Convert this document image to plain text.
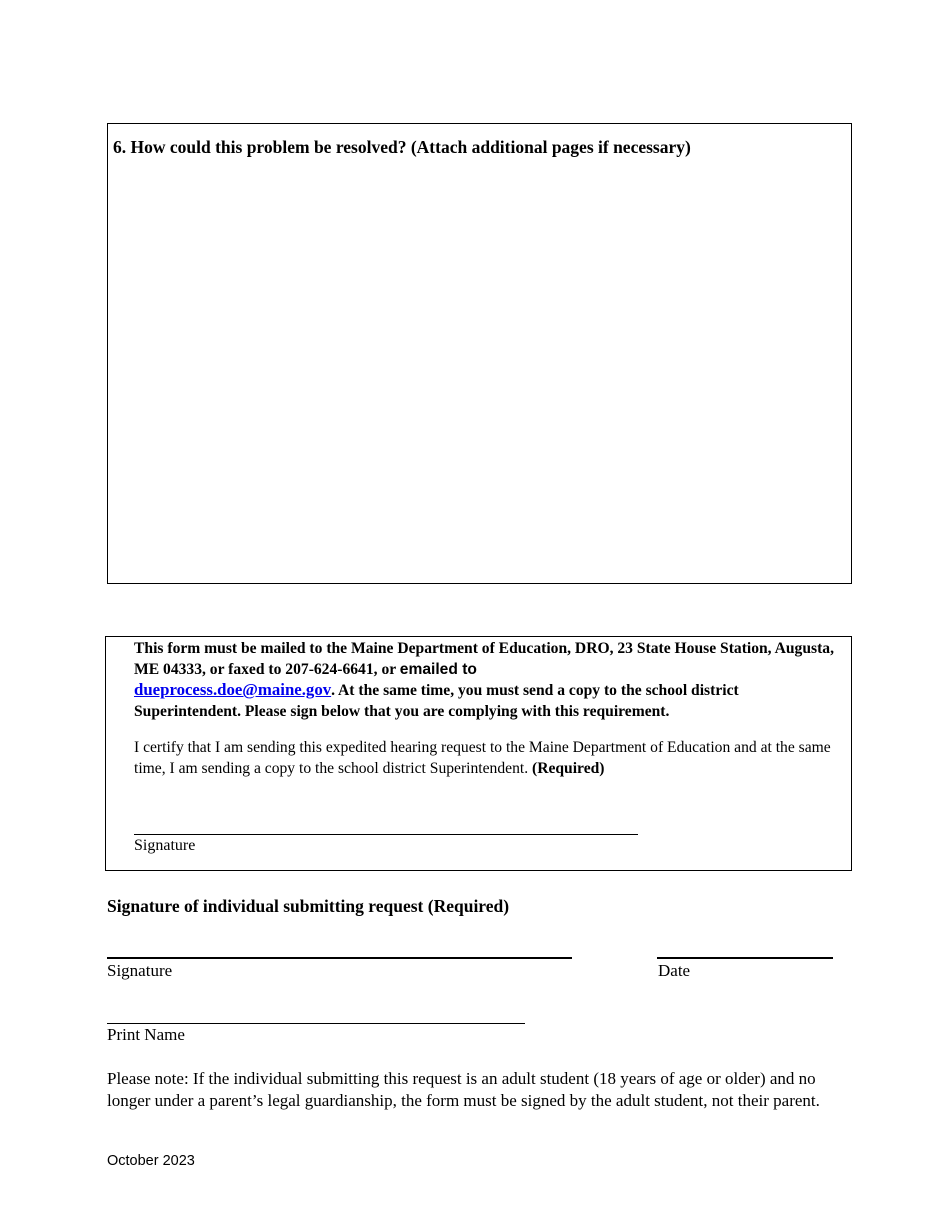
6. How could this problem be resolved? (Attach additional pages if necessary)
This form must be mailed to the Maine Department of Education, DRO, 23 State House Station, Augusta, ME 04333, or faxed to 207-624-6641, or emailed to
dueprocess.doe@maine.gov. At the same time, you must send a copy to the school district Superintendent. Please sign below that you are complying with this requirement.
I certify that I am sending this expedited hearing request to the Maine Department of Education and at the same time, I am sending a copy to the school district Superintendent. (Required)
Signature
Signature of individual submitting request (Required)
Signature	Date
Print Name
Please note: If the individual submitting this request is an adult student (18 years of age or older) and no longer under a parent’s legal guardianship, the form must be signed by the adult student, not their parent.
October 2023
